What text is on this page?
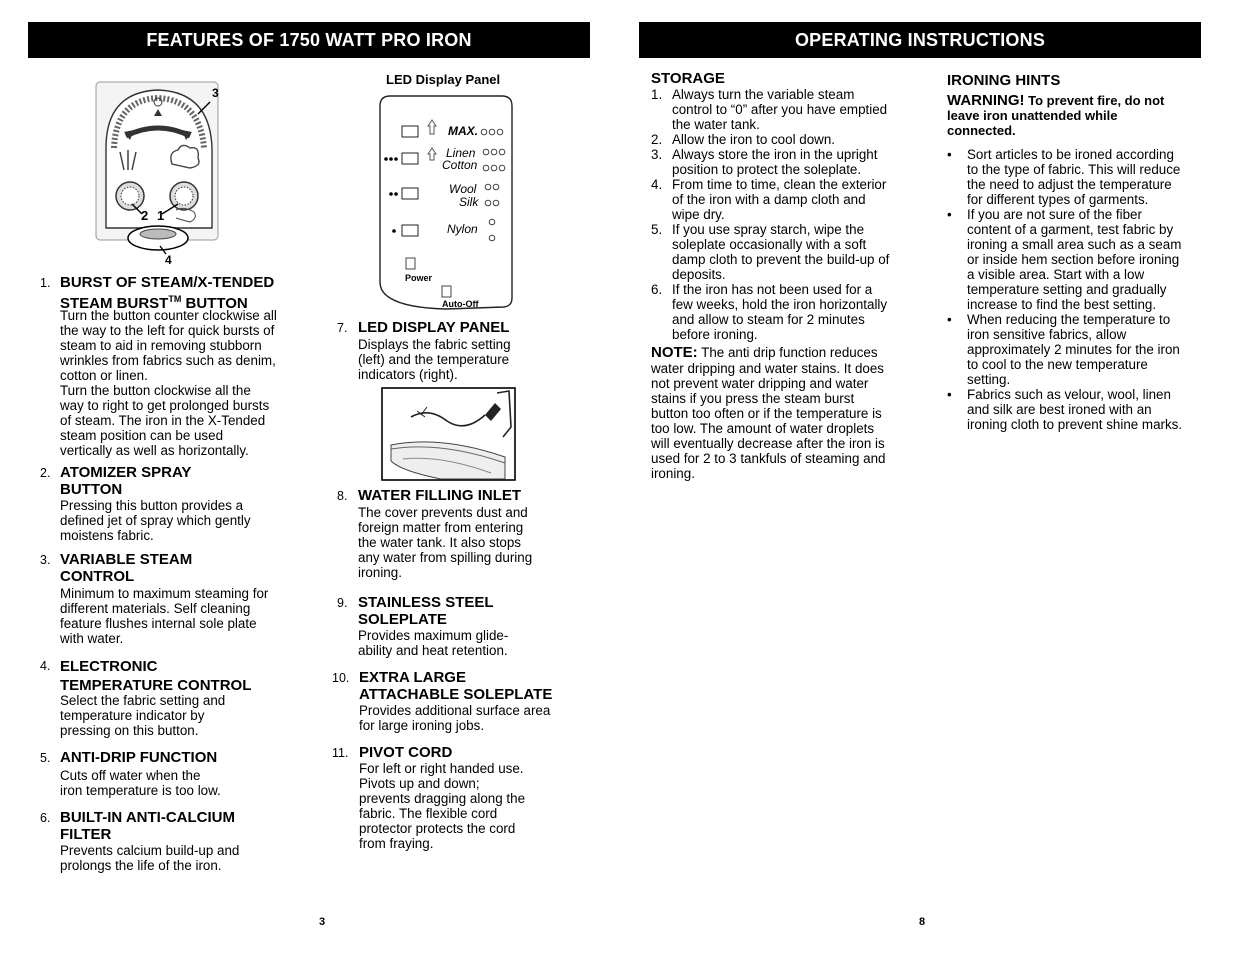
FEATURES OF 1750 WATT PRO IRON
3
2 1
4
LED Display Panel
MAX.
Linen
Cotton
Wool
Silk
Nylon
Power
Auto-Off
1. BURST OF STEAM/X-TENDED
STEAM BURST™ BUTTON
Turn the button counter clockwise all
the way to the left for quick bursts of
steam to aid in removing stubborn
wrinkles from fabrics such as denim,
cotton or linen.
Turn the button clockwise all the
way to right to get prolonged bursts
of steam. The iron in the X-Tended
steam position can be used
vertically as well as horizontally.
2. ATOMIZER SPRAY
BUTTON
Pressing this button provides a
defined jet of spray which gently
moistens fabric.
3. VARIABLE STEAM
CONTROL
Minimum to maximum steaming for
different materials. Self cleaning
feature flushes internal sole plate
with water.
4. ELECTRONIC
TEMPERATURE CONTROL
Select the fabric setting and
temperature indicator by
pressing on this button.
5. ANTI-DRIP FUNCTION
Cuts off water when the
iron temperature is too low.
6. BUILT-IN ANTI-CALCIUM
FILTER
Prevents calcium build-up and
prolongs the life of the iron.
7. LED DISPLAY PANEL
Displays the fabric setting
(left) and the temperature
indicators (right).
8. WATER FILLING INLET
The cover prevents dust and
foreign matter from entering
the water tank. It also stops
any water from spilling during
ironing.
9. STAINLESS STEEL
SOLEPLATE
Provides maximum glide-
ability and heat retention.
10. EXTRA LARGE
ATTACHABLE SOLEPLATE
Provides additional surface area
for large ironing jobs.
11. PIVOT CORD
For left or right handed use.
Pivots up and down;
prevents dragging along the
fabric. The flexible cord
protector protects the cord
from fraying.
3
OPERATING INSTRUCTIONS
STORAGE
1. Always turn the variable steam
control to “0” after you have emptied
the water tank.
2. Allow the iron to cool down.
3. Always store the iron in the upright
position to protect the soleplate.
4. From time to time, clean the exterior
of the iron with a damp cloth and
wipe dry.
5. If you use spray starch, wipe the
soleplate occasionally with a soft
damp cloth to prevent the build-up of
deposits.
6. If the iron has not been used for a
few weeks, hold the iron horizontally
and allow to steam for 2 minutes
before ironing.
NOTE: The anti drip function reduces
water dripping and water stains. It does
not prevent water dripping and water
stains if you press the steam burst
button too often or if the temperature is
too low. The amount of water droplets
will eventually decrease after the iron is
used for 2 to 3 tankfuls of steaming and
ironing.
IRONING HINTS
WARNING! To prevent fire, do not
leave iron unattended while
connected.
• Sort articles to be ironed according
to the type of fabric. This will reduce
the need to adjust the temperature
for different types of garments.
• If you are not sure of the fiber
content of a garment, test fabric by
ironing a small area such as a seam
or inside hem section before ironing
a visible area. Start with a low
temperature setting and gradually
increase to find the best setting.
• When reducing the temperature to
iron sensitive fabrics, allow
approximately 2 minutes for the iron
to cool to the new temperature
setting.
• Fabrics such as velour, wool, linen
and silk are best ironed with an
ironing cloth to prevent shine marks.
8
